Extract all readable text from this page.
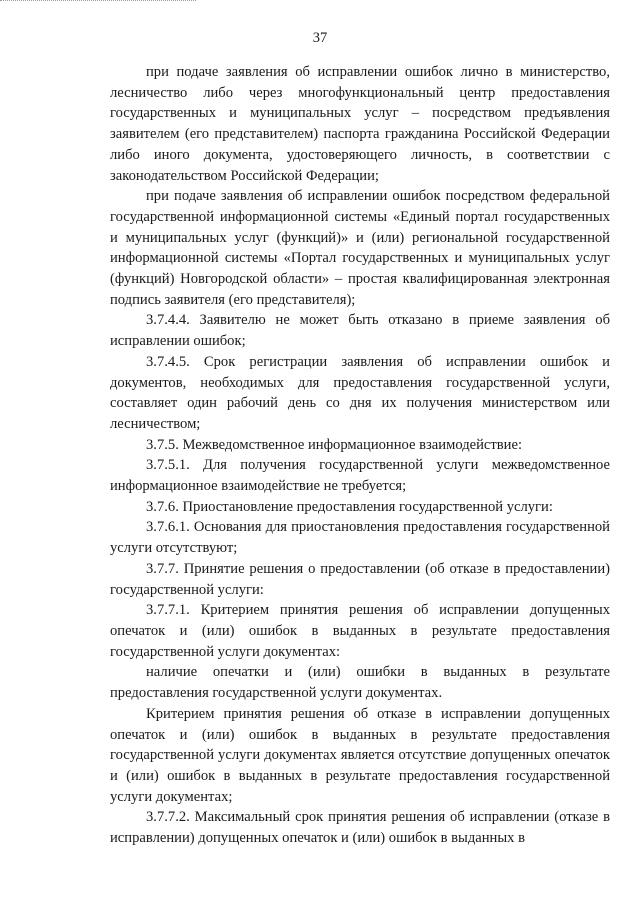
37

при подаче заявления об исправлении ошибок лично в министерство, лесничество либо через многофункциональный центр предоставления государственных и муниципальных услуг – посредством предъявления заявителем (его представителем) паспорта гражданина Российской Федерации либо иного документа, удостоверяющего личность, в соответствии с законодательством Российской Федерации;

при подаче заявления об исправлении ошибок посредством федеральной государственной информационной системы «Единый портал государственных и муниципальных услуг (функций)» и (или) региональной государственной информационной системы «Портал государственных и муниципальных услуг (функций) Новгородской области» – простая квалифицированная электронная подпись заявителя (его представителя);

3.7.4.4. Заявителю не может быть отказано в приеме заявления об исправлении ошибок;

3.7.4.5. Срок регистрации заявления об исправлении ошибок и документов, необходимых для предоставления государственной услуги, составляет один рабочий день со дня их получения министерством или лесничеством;

3.7.5. Межведомственное информационное взаимодействие:

3.7.5.1. Для получения государственной услуги межведомственное информационное взаимодействие не требуется;

3.7.6. Приостановление предоставления государственной услуги:

3.7.6.1. Основания для приостановления предоставления государственной услуги отсутствуют;

3.7.7. Принятие решения о предоставлении (об отказе в предоставлении) государственной услуги:

3.7.7.1. Критерием принятия решения об исправлении допущенных опечаток и (или) ошибок в выданных в результате предоставления государственной услуги документах:

наличие опечатки и (или) ошибки в выданных в результате предоставления государственной услуги документах.

Критерием принятия решения об отказе в исправлении допущенных опечаток и (или) ошибок в выданных в результате предоставления государственной услуги документах является отсутствие допущенных опечаток и (или) ошибок в выданных в результате предоставления государственной услуги документах;

3.7.7.2. Максимальный срок принятия решения об исправлении (отказе в исправлении) допущенных опечаток и (или) ошибок в выданных в
